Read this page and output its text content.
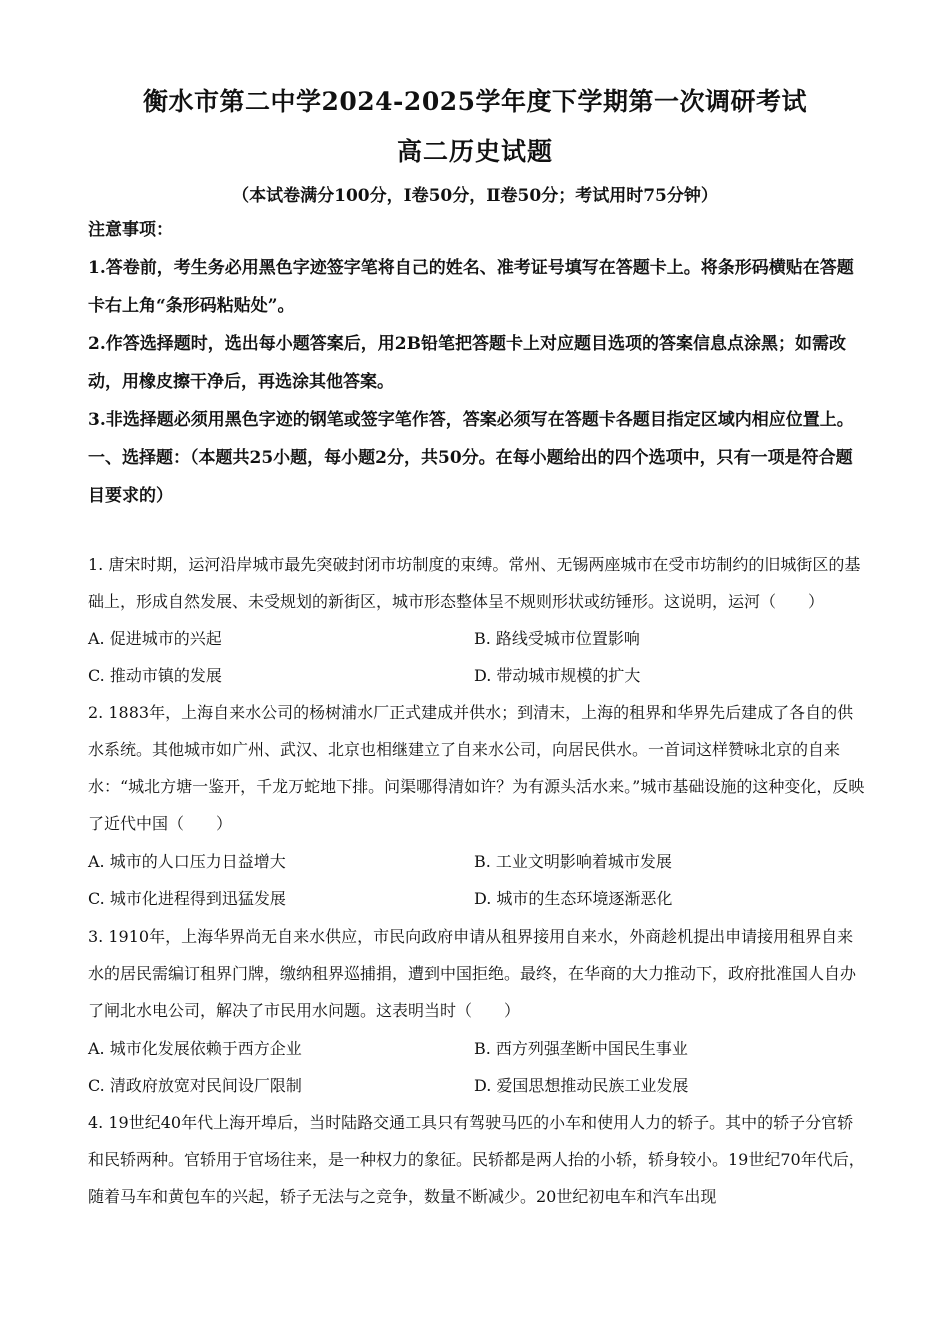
衡水市第二中学2024-2025学年度下学期第一次调研考试
高二历史试题
（本试卷满分100分，Ⅰ卷50分，Ⅱ卷50分；考试用时75分钟）

注意事项：

1.答卷前，考生务必用黑色字迹签字笔将自己的姓名、准考证号填写在答题卡上。将条形码横贴在答题卡右上角“条形码粘贴处”。

2.作答选择题时，选出每小题答案后，用2B铅笔把答题卡上对应题目选项的答案信息点涂黑；如需改动，用橡皮擦干净后，再选涂其他答案。

3.非选择题必须用黑色字迹的钢笔或签字笔作答，答案必须写在答题卡各题目指定区域内相应位置上。

一、选择题：（本题共25小题，每小题2分，共50分。在每小题给出的四个选项中，只有一项是符合题目要求的）

1. 唐宋时期，运河沿岸城市最先突破封闭市坊制度的束缚。常州、无锡两座城市在受市坊制约的旧城街区的基础上，形成自然发展、未受规划的新街区，城市形态整体呈不规则形状或纺锤形。这说明，运河（　　）
A. 促进城市的兴起	B. 路线受城市位置影响
C. 推动市镇的发展	D. 带动城市规模的扩大
2. 1883年，上海自来水公司的杨树浦水厂正式建成并供水；到清末，上海的租界和华界先后建成了各自的供水系统。其他城市如广州、武汉、北京也相继建立了自来水公司，向居民供水。一首词这样赞咏北京的自来水：“城北方塘一鉴开，千龙万蛇地下排。问渠哪得清如许？为有源头活水来。”城市基础设施的这种变化，反映了近代中国（　　）
A. 城市的人口压力日益增大	B. 工业文明影响着城市发展
C. 城市化进程得到迅猛发展	D. 城市的生态环境逐渐恶化
3. 1910年，上海华界尚无自来水供应，市民向政府申请从租界接用自来水，外商趁机提出申请接用租界自来水的居民需编订租界门牌，缴纳租界巡捕捐，遭到中国拒绝。最终，在华商的大力推动下，政府批准国人自办了闸北水电公司，解决了市民用水问题。这表明当时（　　）
A. 城市化发展依赖于西方企业	B. 西方列强垄断中国民生事业
C. 清政府放宽对民间设厂限制	D. 爱国思想推动民族工业发展
4. 19世纪40年代上海开埠后，当时陆路交通工具只有驾驶马匹的小车和使用人力的轿子。其中的轿子分官轿和民轿两种。官轿用于官场往来，是一种权力的象征。民轿都是两人抬的小轿，轿身较小。19世纪70年代后，随着马车和黄包车的兴起，轿子无法与之竞争，数量不断减少。20世纪初电车和汽车出现
